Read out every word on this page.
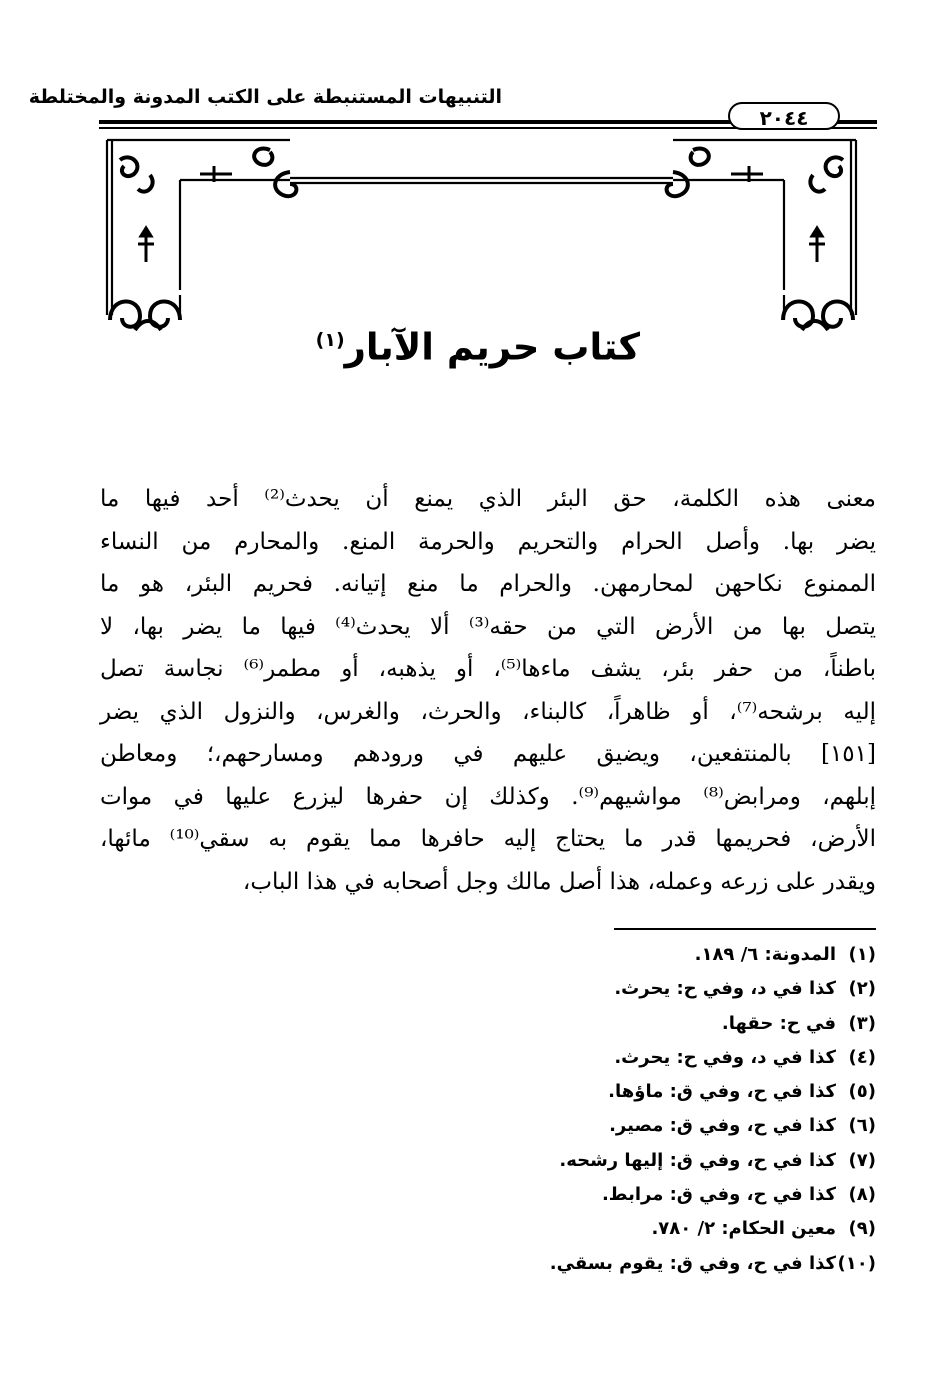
التنبيهات المستنبطة على الكتب المدونة والمختلطة
٢٠٤٤
كتاب حريم الآبار$^{(١)}$
معنى هذه الكلمة، حق البئر الذي يمنع أن يحدث⁽²⁾ أحد فيها ما
يضر بها. وأصل الحرام والتحريم والحرمة المنع. والمحارم من النساء
الممنوع نكاحهن لمحارمهن. والحرام ما منع إتيانه. فحريم البئر، هو ما
يتصل بها من الأرض التي من حقه⁽³⁾ ألا يحدث⁽⁴⁾ فيها ما يضر بها، لا
باطناً، من حفر بئر، يشف ماءها⁽⁵⁾، أو يذهبه، أو مطمر⁽⁶⁾ نجاسة تصل
إليه برشحه⁽⁷⁾، أو ظاهراً، كالبناء، والحرث، والغرس، والنزول الذي يضر
[١٥١] بالمنتفعين، ويضيق عليهم في ورودهم ومسارحهم،؛ ومعاطن
إبلهم، ومرابض⁽⁸⁾ مواشيهم⁽⁹⁾. وكذلك إن حفرها ليزرع عليها في موات
الأرض، فحريمها قدر ما يحتاج إليه حافرها مما يقوم به سقي⁽¹⁰⁾ مائها،
ويقدر على زرعه وعمله، هذا أصل مالك وجل أصحابه في هذا الباب،
(١)المدونة: ٦/ ١٨٩.
(٢)كذا في د، وفي ح: يحرث.
(٣)في ح: حقها.
(٤)كذا في د، وفي ح: يحرث.
(٥)كذا في ح، وفي ق: ماؤها.
(٦)كذا في ح، وفي ق: مصير.
(٧)كذا في ح، وفي ق: إليها رشحه.
(٨)كذا في ح، وفي ق: مرابط.
(٩)معين الحكام: ٢/ ٧٨٠.
(١٠)كذا في ح، وفي ق: يقوم بسقي.
